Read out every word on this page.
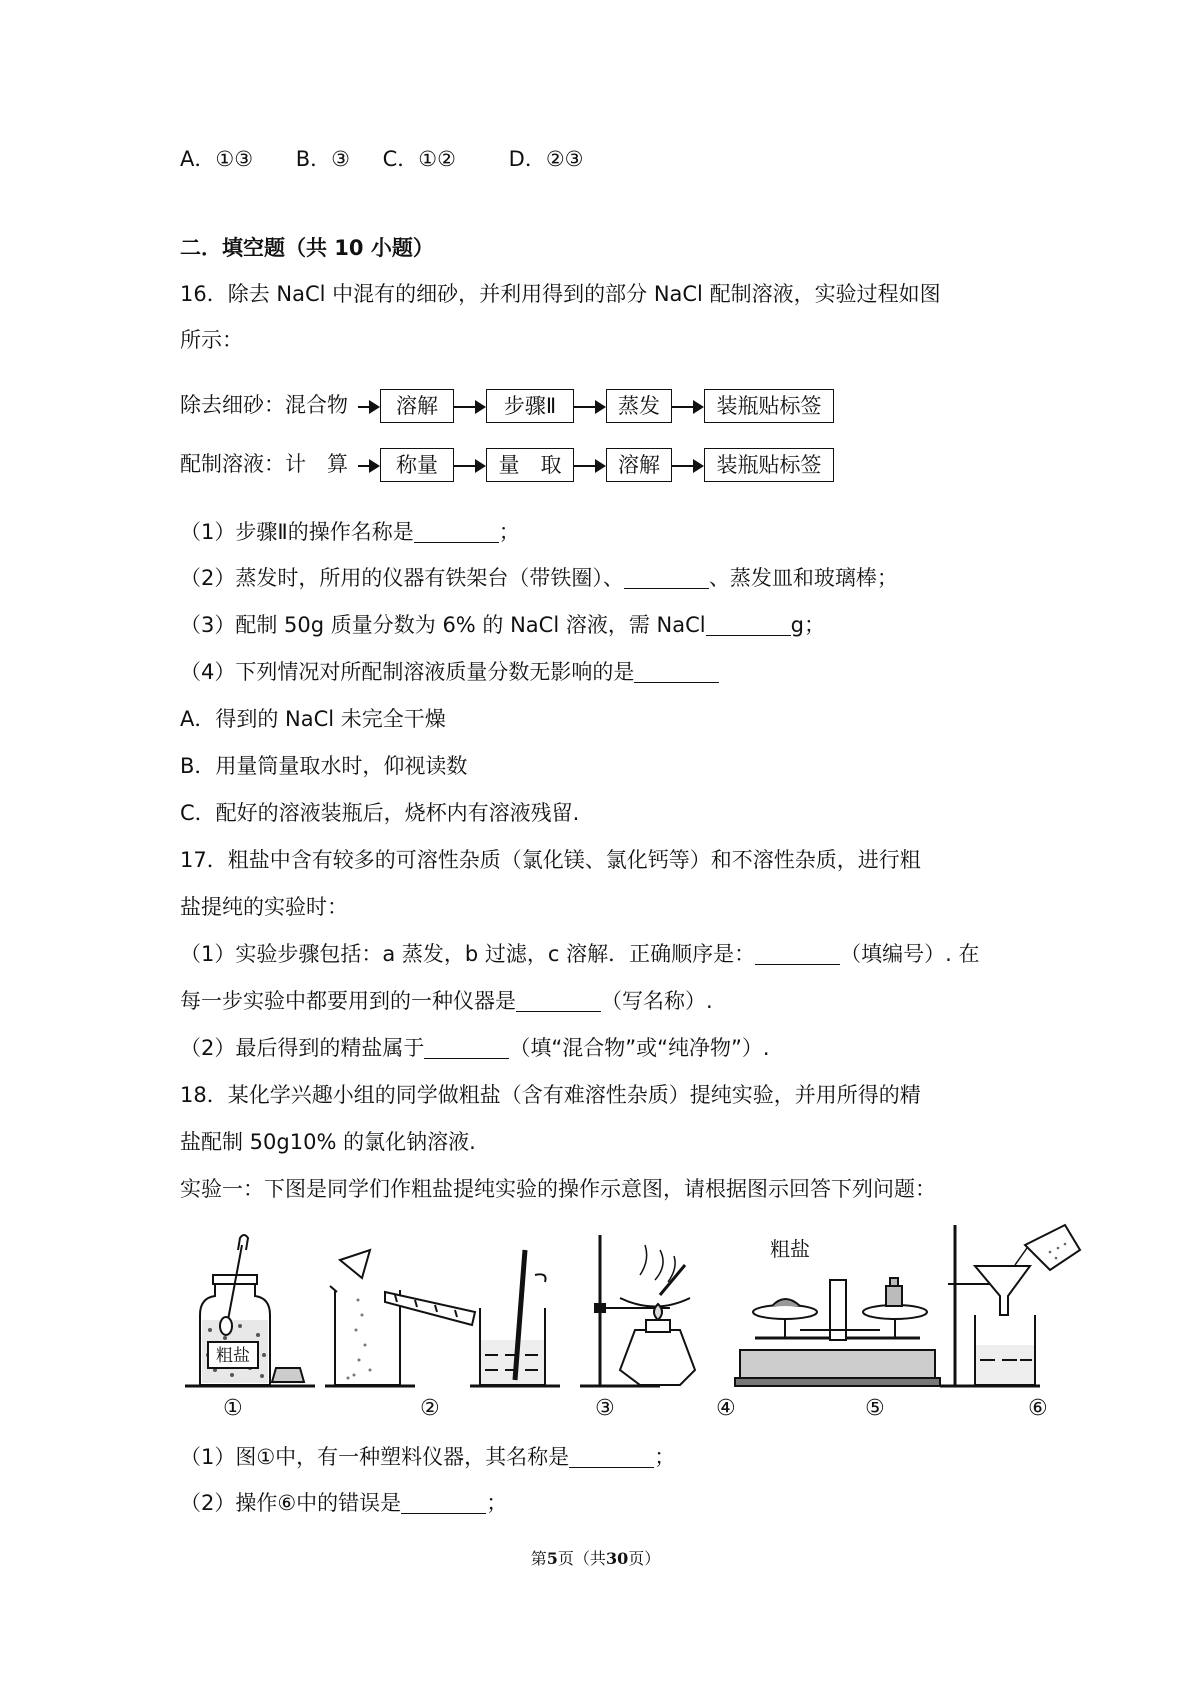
A．①③ B．③ C．①②	D．②③
二．填空题（共 10 小题）
16．除去 NaCl 中混有的细砂，并利用得到的部分 NaCl 配制溶液，实验过程如图
所示：
除去细砂：混合物	溶解	步骤Ⅱ	蒸发	装瓶贴标签
配制溶液：计　算	称量	量　取	溶解	装瓶贴标签
（1）步骤Ⅱ的操作名称是	；
（2）蒸发时，所用的仪器有铁架台（带铁圈）、	、蒸发皿和玻璃棒；
（3）配制 50g 质量分数为 6% 的 NaCl 溶液，需 NaCl	g；
（4）下列情况对所配制溶液质量分数无影响的是
A．得到的 NaCl 未完全干燥
B．用量筒量取水时，仰视读数
C．配好的溶液装瓶后，烧杯内有溶液残留.
17．粗盐中含有较多的可溶性杂质（氯化镁、氯化钙等）和不溶性杂质，进行粗
盐提纯的实验时：
（1）实验步骤包括：a 蒸发，b 过滤，c 溶解．正确顺序是：	（填编号）. 在
每一步实验中都要用到的一种仪器是	（写名称）.
（2）最后得到的精盐属于	（填“混合物”或“纯净物”）.
18．某化学兴趣小组的同学做粗盐（含有难溶性杂质）提纯实验，并用所得的精
盐配制 50g10% 的氯化钠溶液.
实验一：下图是同学们作粗盐提纯实验的操作示意图，请根据图示回答下列问题：
粗盐
粗盐
①	②	③	④	⑤	⑥
（1）图①中，有一种塑料仪器，其名称是	；
（2）操作⑥中的错误是	；
第5页（共30页）
